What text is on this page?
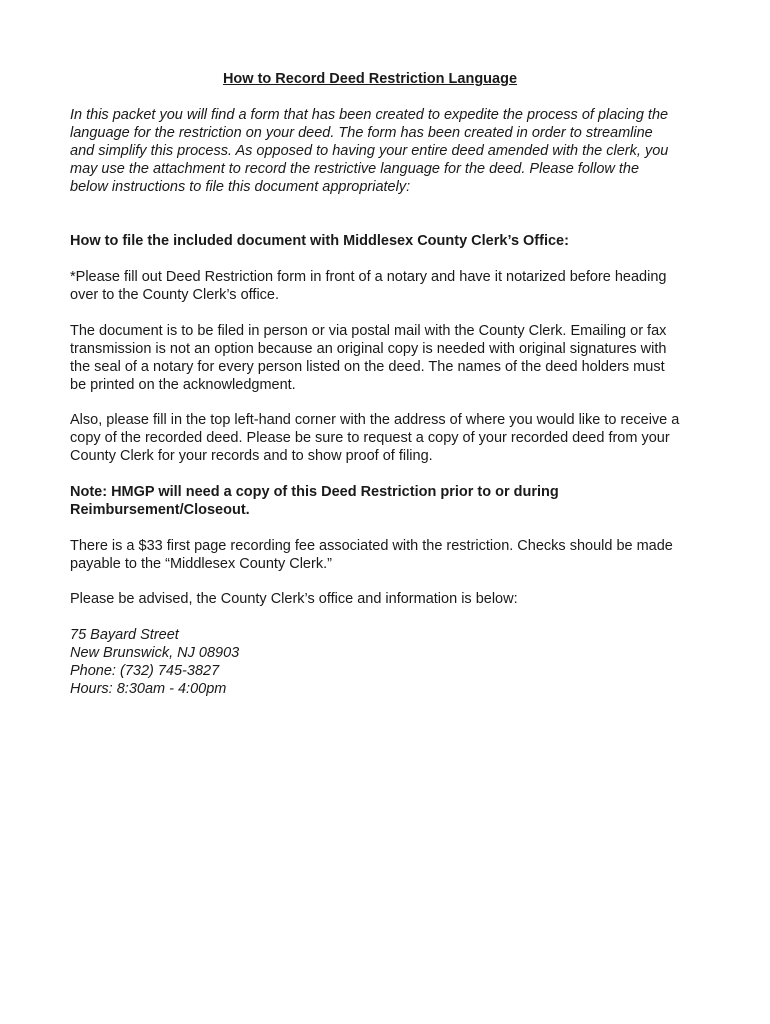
How to Record Deed Restriction Language

In this packet you will find a form that has been created to expedite the process of placing the language for the restriction on your deed. The form has been created in order to streamline and simplify this process. As opposed to having your entire deed amended with the clerk, you may use the attachment to record the restrictive language for the deed. Please follow the below instructions to file this document appropriately:

How to file the included document with Middlesex County Clerk’s Office:

*Please fill out Deed Restriction form in front of a notary and have it notarized before heading over to the County Clerk’s office.

The document is to be filed in person or via postal mail with the County Clerk. Emailing or fax transmission is not an option because an original copy is needed with original signatures with the seal of a notary for every person listed on the deed. The names of the deed holders must be printed on the acknowledgment.

Also, please fill in the top left-hand corner with the address of where you would like to receive a copy of the recorded deed. Please be sure to request a copy of your recorded deed from your County Clerk for your records and to show proof of filing.

Note: HMGP will need a copy of this Deed Restriction prior to or during Reimbursement/Closeout.

There is a $33 first page recording fee associated with the restriction. Checks should be made payable to the “Middlesex County Clerk.”

Please be advised, the County Clerk’s office and information is below:

75 Bayard Street
New Brunswick, NJ 08903
Phone: (732) 745-3827
Hours: 8:30am - 4:00pm
